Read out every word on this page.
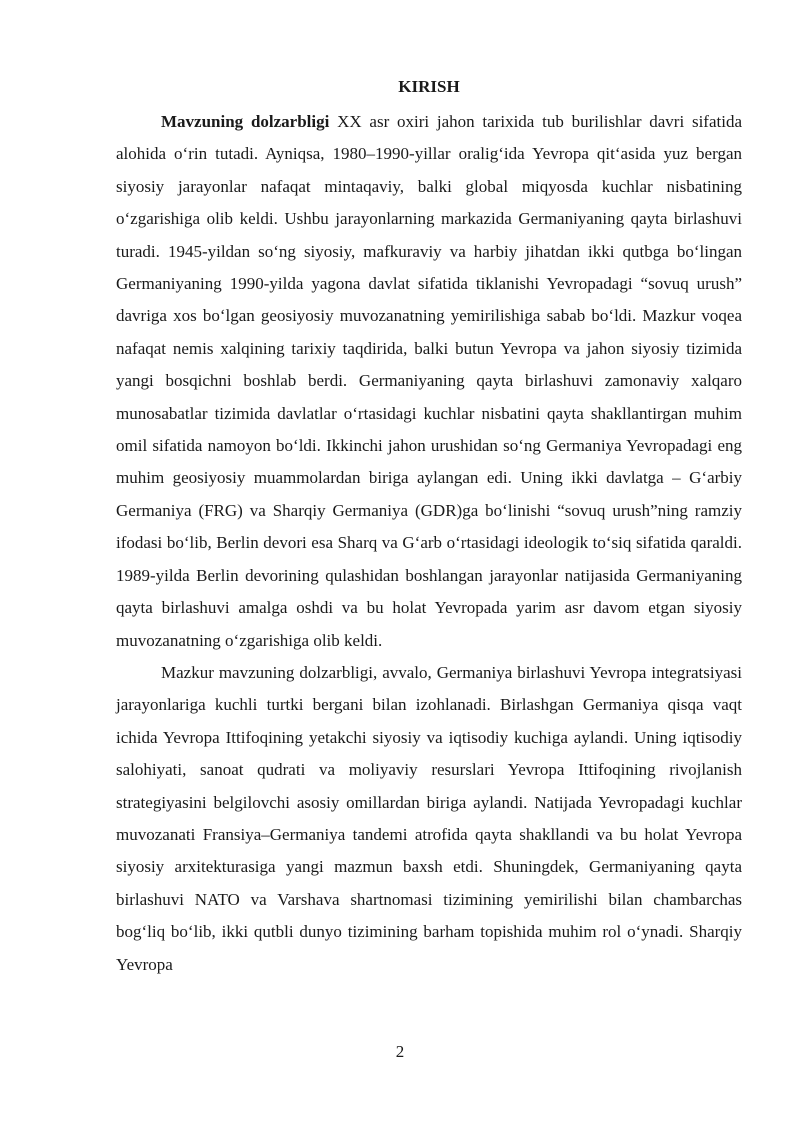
KIRISH

Mavzuning dolzarbligi XX asr oxiri jahon tarixida tub burilishlar davri sifatida alohida o‘rin tutadi. Ayniqsa, 1980–1990-yillar oralig‘ida Yevropa qit‘asida yuz bergan siyosiy jarayonlar nafaqat mintaqaviy, balki global miqyosda kuchlar nisbatining o‘zgarishiga olib keldi. Ushbu jarayonlarning markazida Germaniyaning qayta birlashuvi turadi. 1945-yildan so‘ng siyosiy, mafkuraviy va harbiy jihatdan ikki qutbga bo‘lingan Germaniyaning 1990-yilda yagona davlat sifatida tiklanishi Yevropadagi “sovuq urush” davriga xos bo‘lgan geosiyosiy muvozanatning yemirilishiga sabab bo‘ldi. Mazkur voqea nafaqat nemis xalqining tarixiy taqdirida, balki butun Yevropa va jahon siyosiy tizimida yangi bosqichni boshlab berdi. Germaniyaning qayta birlashuvi zamonaviy xalqaro munosabatlar tizimida davlatlar o‘rtasidagi kuchlar nisbatini qayta shakllantirgan muhim omil sifatida namoyon bo‘ldi. Ikkinchi jahon urushidan so‘ng Germaniya Yevropadagi eng muhim geosiyosiy muammolardan biriga aylangan edi. Uning ikki davlatga – G‘arbiy Germaniya (FRG) va Sharqiy Germaniya (GDR)ga bo‘linishi “sovuq urush”ning ramziy ifodasi bo‘lib, Berlin devori esa Sharq va G‘arb o‘rtasidagi ideologik to‘siq sifatida qaraldi. 1989-yilda Berlin devorining qulashidan boshlangan jarayonlar natijasida Germaniyaning qayta birlashuvi amalga oshdi va bu holat Yevropada yarim asr davom etgan siyosiy muvozanatning o‘zgarishiga olib keldi.

Mazkur mavzuning dolzarbligi, avvalo, Germaniya birlashuvi Yevropa integratsiyasi jarayonlariga kuchli turtki bergani bilan izohlanadi. Birlashgan Germaniya qisqa vaqt ichida Yevropa Ittifoqining yetakchi siyosiy va iqtisodiy kuchiga aylandi. Uning iqtisodiy salohiyati, sanoat qudrati va moliyaviy resurslari Yevropa Ittifoqining rivojlanish strategiyasini belgilovchi asosiy omillardan biriga aylandi. Natijada Yevropadagi kuchlar muvozanati Fransiya–Germaniya tandemi atrofida qayta shakllandi va bu holat Yevropa siyosiy arxitekturasiga yangi mazmun baxsh etdi. Shuningdek, Germaniyaning qayta birlashuvi NATO va Varshava shartnomasi tizimining yemirilishi bilan chambarchas bog‘liq bo‘lib, ikki qutbli dunyo tizimining barham topishida muhim rol o‘ynadi. Sharqiy Yevropa

2
